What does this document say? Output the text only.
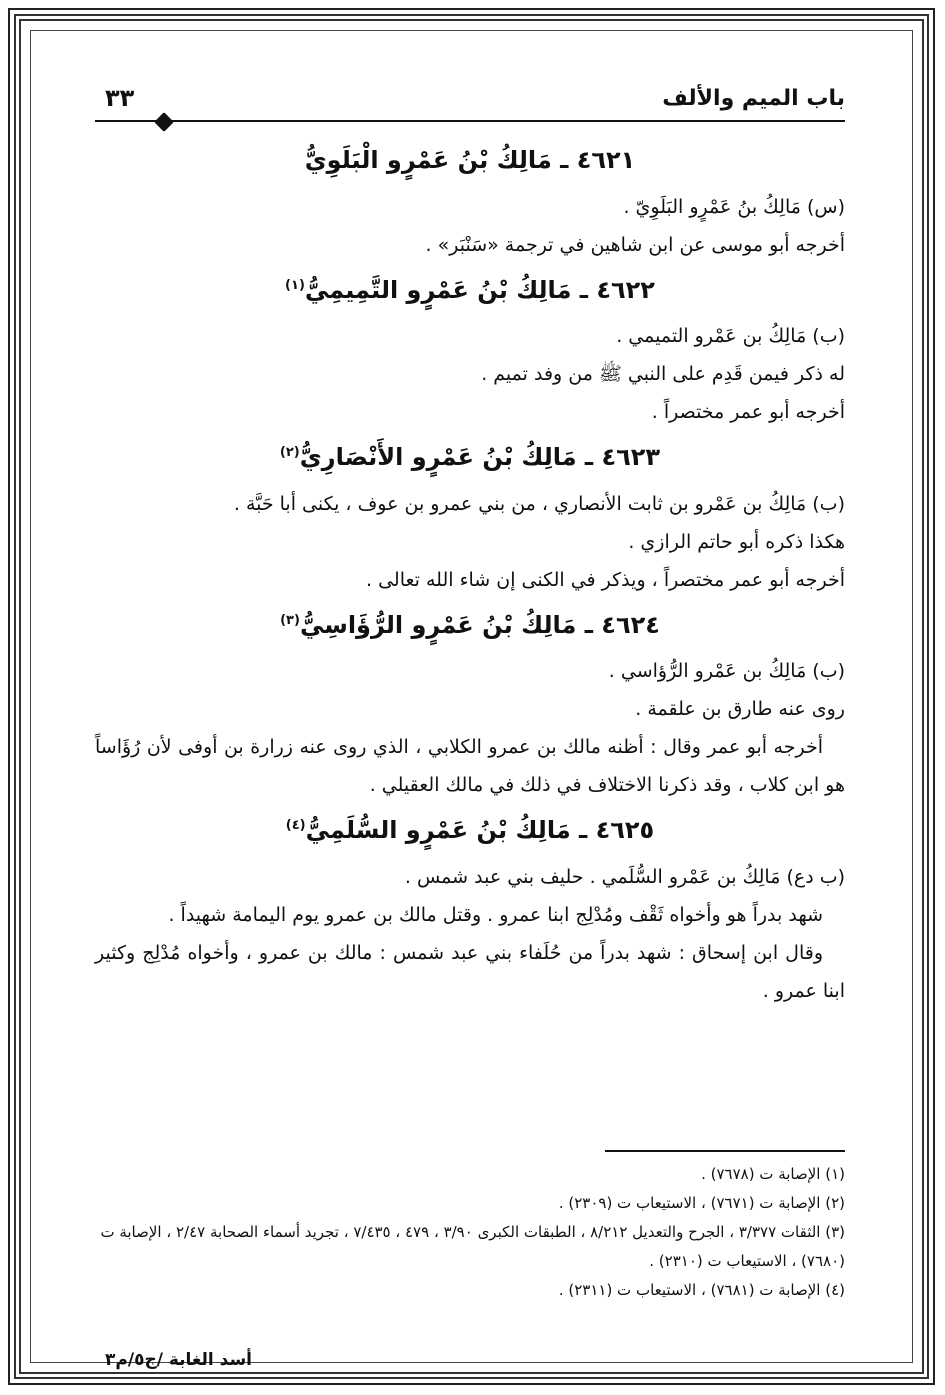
باب الميم والألف
٣٣
٤٦٢١ ـ مَالِكُ بْنُ عَمْرٍو الْبَلَوِيُّ

(س) مَالِكُ بنُ عَمْرٍو البَلَوِيّ .

أخرجه أبو موسى عن ابن شاهين في ترجمة «سَنْبَر» .

٤٦٢٢ ـ مَالِكُ بْنُ عَمْرٍو التَّمِيمِيُّ$^{(١)}$

(ب) مَالِكُ بن عَمْرو التميمي .

له ذكر فيمن قَدِم على النبي ﷺ من وفد تميم .

أخرجه أبو عمر مختصراً .

٤٦٢٣ ـ مَالِكُ بْنُ عَمْرٍو الأَنْصَارِيُّ$^{(٢)}$

(ب) مَالِكُ بن عَمْرو بن ثابت الأنصاري ، من بني عمرو بن عوف ، يكنى أبا حَبَّة .

هكذا ذكره أبو حاتم الرازي .

أخرجه أبو عمر مختصراً ، ويذكر في الكنى إن شاء الله تعالى .

٤٦٢٤ ـ مَالِكُ بْنُ عَمْرٍو الرُّؤَاسِيُّ$^{(٣)}$

(ب) مَالِكُ بن عَمْرو الرُّؤاسي .

روى عنه طارق بن علقمة .

أخرجه أبو عمر وقال : أظنه مالك بن عمرو الكلابي ، الذي روى عنه زرارة بن أوفى لأن رُؤَاساً هو ابن كلاب ، وقد ذكرنا الاختلاف في ذلك في مالك العقيلي .

٤٦٢٥ ـ مَالِكُ بْنُ عَمْرٍو السُّلَمِيُّ$^{(٤)}$

(ب دع) مَالِكُ بن عَمْرو السُّلَمي . حليف بني عبد شمس .

شهد بدراً هو وأخواه ثَقْف ومُدْلِج ابنا عمرو . وقتل مالك بن عمرو يوم اليمامة شهيداً .

وقال ابن إسحاق : شهد بدراً من حُلَفاء بني عبد شمس : مالك بن عمرو ، وأخواه مُدْلِج وكثير ابنا عمرو .

(١) الإصابة ت (٧٦٧٨) .
(٢) الإصابة ت (٧٦٧١) ، الاستيعاب ت (٢٣٠٩) .
(٣) الثقات ٣/٣٧٧ ، الجرح والتعديل ٨/٢١٢ ، الطبقات الكبرى ٣/٩٠ ، ٤٧٩ ، ٧/٤٣٥ ، تجريد أسماء الصحابة ٢/٤٧ ، الإصابة ت (٧٦٨٠) ، الاستيعاب ت (٢٣١٠) .
(٤) الإصابة ت (٧٦٨١) ، الاستيعاب ت (٢٣١١) .
أسد الغابة /ج٥/م٣
